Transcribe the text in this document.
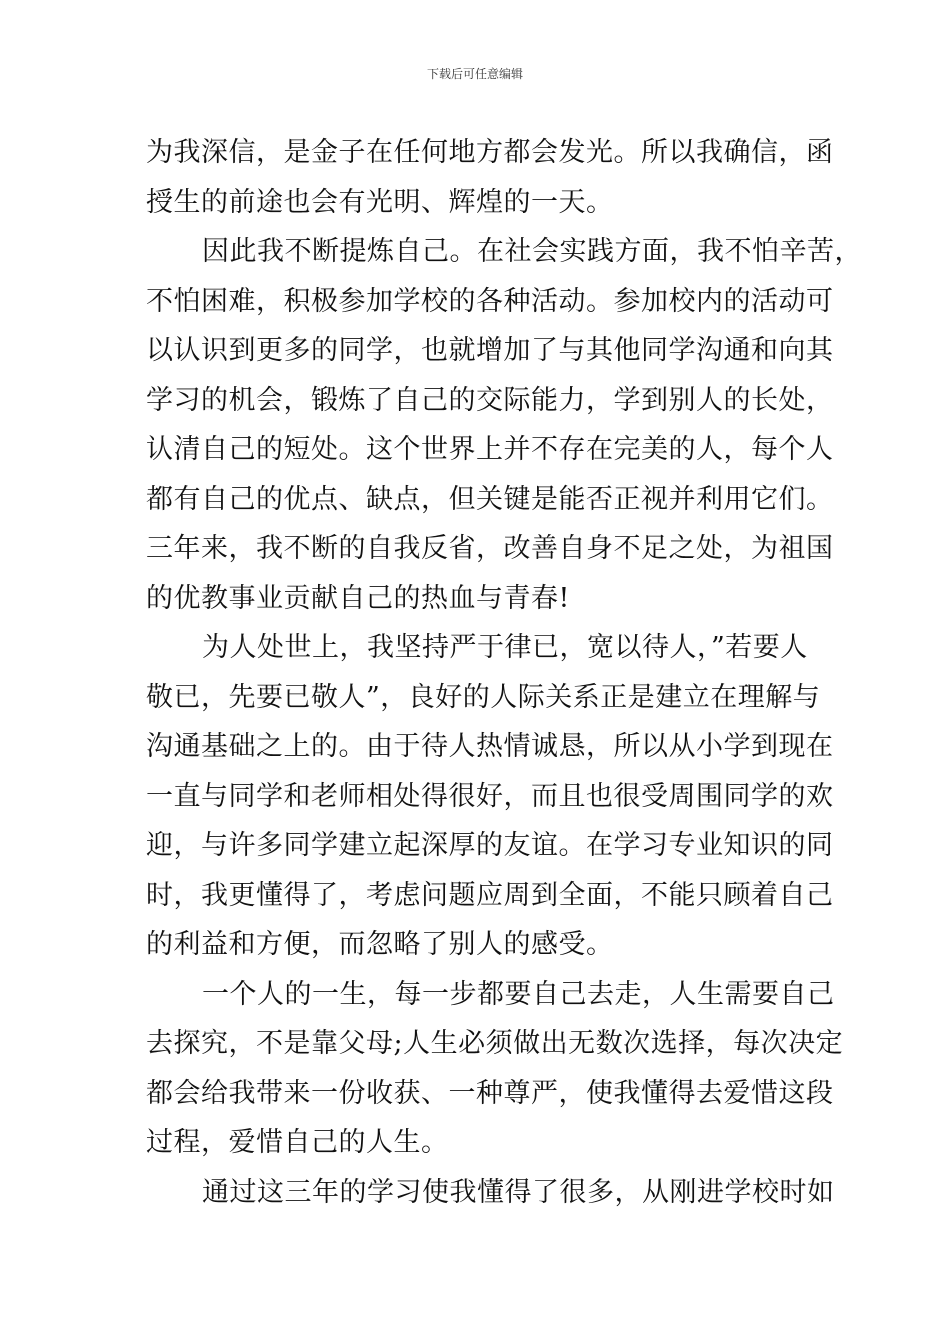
下载后可任意编辑
为我深信，是金子在任何地方都会发光。所以我确信，函
授生的前途也会有光明、辉煌的一天。
因此我不断提炼自己。在社会实践方面，我不怕辛苦，
不怕困难，积极参加学校的各种活动。参加校内的活动可
以认识到更多的同学，也就增加了与其他同学沟通和向其
学习的机会，锻炼了自己的交际能力，学到别人的长处，
认清自己的短处。这个世界上并不存在完美的人，每个人
都有自己的优点、缺点，但关键是能否正视并利用它们。
三年来，我不断的自我反省，改善自身不足之处，为祖国
的优教事业贡献自己的热血与青春!
为人处世上，我坚持严于律已，宽以待人，”若要人
敬已，先要已敬人”，良好的人际关系正是建立在理解与
沟通基础之上的。由于待人热情诚恳，所以从小学到现在
一直与同学和老师相处得很好，而且也很受周围同学的欢
迎，与许多同学建立起深厚的友谊。在学习专业知识的同
时，我更懂得了，考虑问题应周到全面，不能只顾着自己
的利益和方便，而忽略了别人的感受。
一个人的一生，每一步都要自己去走，人生需要自己
去探究，不是靠父母;人生必须做出无数次选择，每次决定
都会给我带来一份收获、一种尊严，使我懂得去爱惜这段
过程，爱惜自己的人生。
通过这三年的学习使我懂得了很多，从刚进学校时如
